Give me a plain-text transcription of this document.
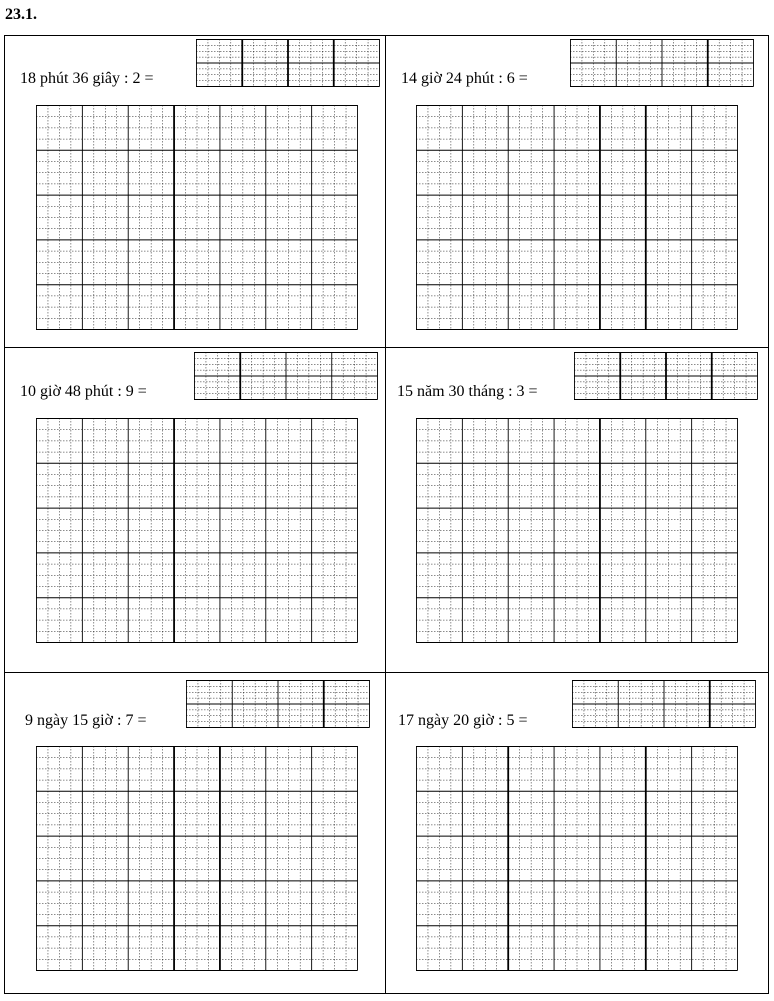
23.1.
18 phút 36 giây : 2 =	14 giờ 24 phút : 6 =
10 giờ 48 phút : 9 =	15 năm 30 tháng : 3 =
9 ngày 15 giờ : 7 =	17 ngày 20 giờ : 5 =
